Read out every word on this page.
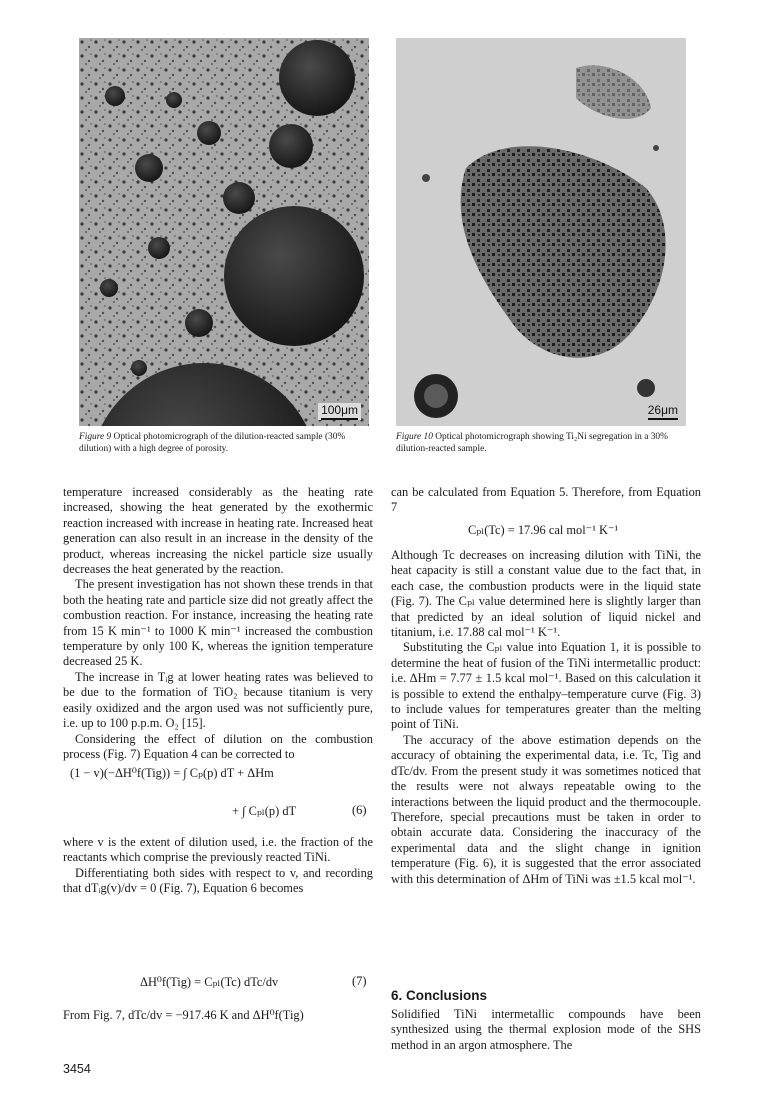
100μm	26μm
Figure 9 Optical photomicrograph of the dilution-reacted sample (30% dilution) with a high degree of porosity.
Figure 10 Optical photomicrograph showing Ti₂Ni segregation in a 30% dilution-reacted sample.

temperature increased considerably as the heating rate increased, showing the heat generated by the exothermic reaction increased with increase in heating rate. Increased heat generation can also result in an increase in the density of the product, whereas increasing the nickel particle size usually decreases the heat generated by the reaction.

The present investigation has not shown these trends in that both the heating rate and particle size did not greatly affect the combustion reaction. For instance, increasing the heating rate from 15 K min⁻¹ to 1000 K min⁻¹ increased the combustion temperature by only 100 K, whereas the ignition temperature decreased 25 K.

The increase in Tᵢg at lower heating rates was believed to be due to the formation of TiO₂ because titanium is very easily oxidized and the argon used was not sufficiently pure, i.e. up to 100 p.p.m. O₂ [15].

Considering the effect of dilution on the combustion process (Fig. 7) Equation 4 can be corrected to

(1 − v)(−ΔH⁰f(Tig)) = ∫ Cₚ(p) dT + ΔHm
+ ∫ Cₚₗ(p) dT	(6)

where v is the extent of dilution used, i.e. the fraction of the reactants which comprise the previously reacted TiNi.

Differentiating both sides with respect to v, and recording that dTᵢg(v)/dv = 0 (Fig. 7), Equation 6 becomes

ΔH⁰f(Tig) = Cₚₗ(Tc) dTc/dv	(7)

From Fig. 7, dTc/dv = −917.46 K and ΔH⁰f(Tig)

3454

can be calculated from Equation 5. Therefore, from Equation 7

Cₚₗ(Tc) = 17.96 cal mol⁻¹ K⁻¹

Although Tc decreases on increasing dilution with TiNi, the heat capacity is still a constant value due to the fact that, in each case, the combustion products were in the liquid state (Fig. 7). The Cₚₗ value determined here is slightly larger than that predicted by an ideal solution of liquid nickel and titanium, i.e. 17.88 cal mol⁻¹ K⁻¹.

Substituting the Cₚₗ value into Equation 1, it is possible to determine the heat of fusion of the TiNi intermetallic product: i.e. ΔHm = 7.77 ± 1.5 kcal mol⁻¹. Based on this calculation it is possible to extend the enthalpy–temperature curve (Fig. 3) to include values for temperatures greater than the melting point of TiNi.

The accuracy of the above estimation depends on the accuracy of obtaining the experimental data, i.e. Tc, Tig and dTc/dv. From the present study it was sometimes noticed that the results were not always repeatable owing to the interactions between the liquid product and the thermocouple. Therefore, special precautions must be taken in order to obtain accurate data. Considering the inaccuracy of the experimental data and the slight change in ignition temperature (Fig. 6), it is suggested that the error associated with this determination of ΔHm of TiNi was ±1.5 kcal mol⁻¹.

6. Conclusions

Solidified TiNi intermetallic compounds have been synthesized using the thermal explosion mode of the SHS method in an argon atmosphere. The
